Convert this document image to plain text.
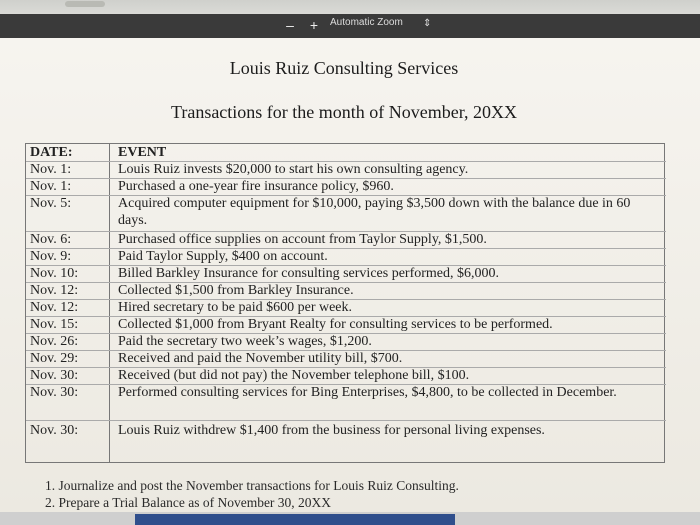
– +	Automatic Zoom	⇕
Louis Ruiz Consulting Services
Transactions for the month of November, 20XX
DATE:	EVENT
Nov. 1:	Louis Ruiz invests $20,000 to start his own consulting agency.
Nov. 1:	Purchased a one-year fire insurance policy, $960.
Nov. 5:	Acquired computer equipment for $10,000, paying $3,500 down with the balance due in 60 days.
Nov. 6:	Purchased office supplies on account from Taylor Supply, $1,500.
Nov. 9:	Paid Taylor Supply, $400 on account.
Nov. 10:	Billed Barkley Insurance for consulting services performed, $6,000.
Nov. 12:	Collected $1,500 from Barkley Insurance.
Nov. 12:	Hired secretary to be paid $600 per week.
Nov. 15:	Collected $1,000 from Bryant Realty for consulting services to be performed.
Nov. 26:	Paid the secretary two week’s wages, $1,200.
Nov. 29:	Received and paid the November utility bill, $700.
Nov. 30:	Received (but did not pay) the November telephone bill, $100.
Nov. 30:	Performed consulting services for Bing Enterprises, $4,800, to be collected in December.
Nov. 30:	Louis Ruiz withdrew $1,400 from the business for personal living expenses.
1. Journalize and post the November transactions for Louis Ruiz Consulting.
2. Prepare a Trial Balance as of November 30, 20XX
